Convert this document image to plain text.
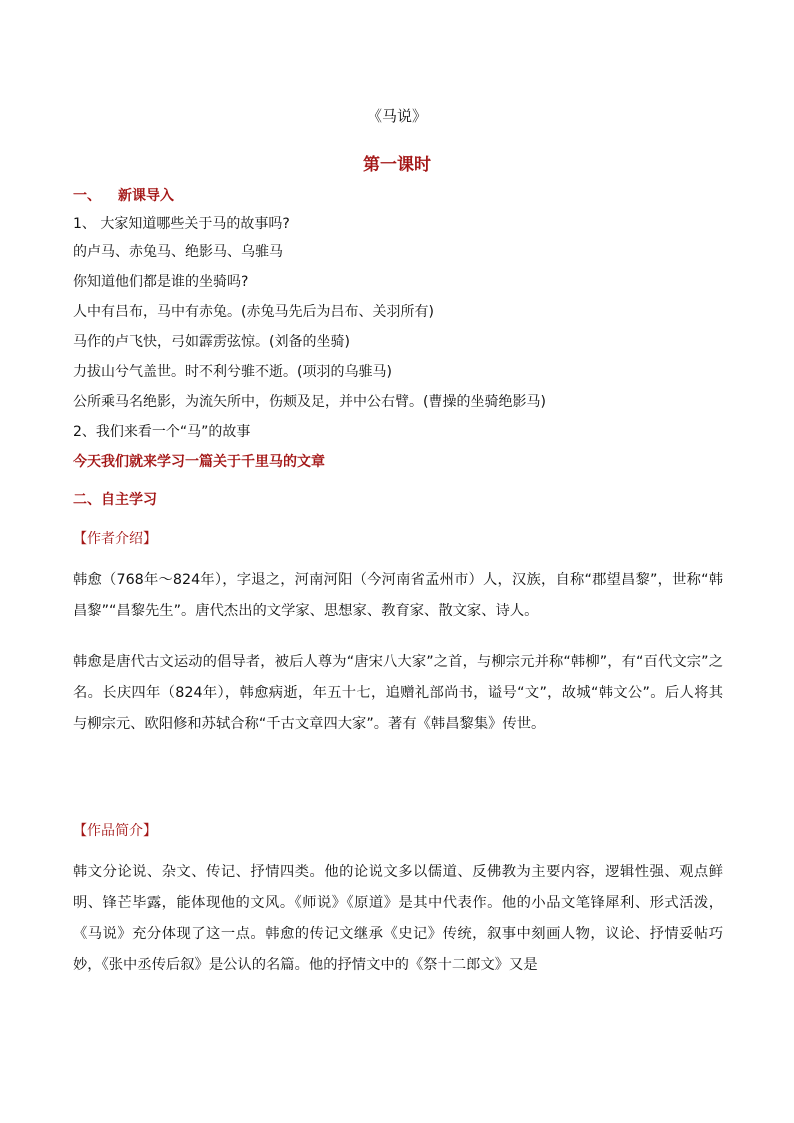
《马说》
第一课时
一、 新课导入
1、 大家知道哪些关于马的故事吗?
的卢马、赤兔马、绝影马、乌骓马
你知道他们都是谁的坐骑吗?
人中有吕布，马中有赤兔。(赤兔马先后为吕布、关羽所有)
马作的卢飞快，弓如霹雳弦惊。(刘备的坐骑)
力拔山兮气盖世。时不利兮骓不逝。(项羽的乌骓马)
公所乘马名绝影，为流矢所中，伤颊及足，并中公右臂。(曹操的坐骑绝影马)
2、我们来看一个“马”的故事
今天我们就来学习一篇关于千里马的文章
二、自主学习
【作者介绍】
韩愈（768年～824年），字退之，河南河阳（今河南省孟州市）人，汉族，自称“郡望昌黎”，世称“韩昌黎”“昌黎先生”。唐代杰出的文学家、思想家、教育家、散文家、诗人。
韩愈是唐代古文运动的倡导者，被后人尊为“唐宋八大家”之首，与柳宗元并称“韩柳”，有“百代文宗”之名。长庆四年（824年），韩愈病逝，年五十七，追赠礼部尚书，谥号“文”，故城“韩文公”。后人将其与柳宗元、欧阳修和苏轼合称“千古文章四大家”。著有《韩昌黎集》传世。
【作品简介】
韩文分论说、杂文、传记、抒情四类。他的论说文多以儒道、反佛教为主要内容，逻辑性强、观点鲜明、锋芒毕露，能体现他的文风。《师说》《原道》是其中代表作。他的小品文笔锋犀利、形式活泼，《马说》充分体现了这一点。韩愈的传记文继承《史记》传统，叙事中刻画人物，议论、抒情妥帖巧妙，《张中丞传后叙》是公认的名篇。他的抒情文中的《祭十二郎文》又是
